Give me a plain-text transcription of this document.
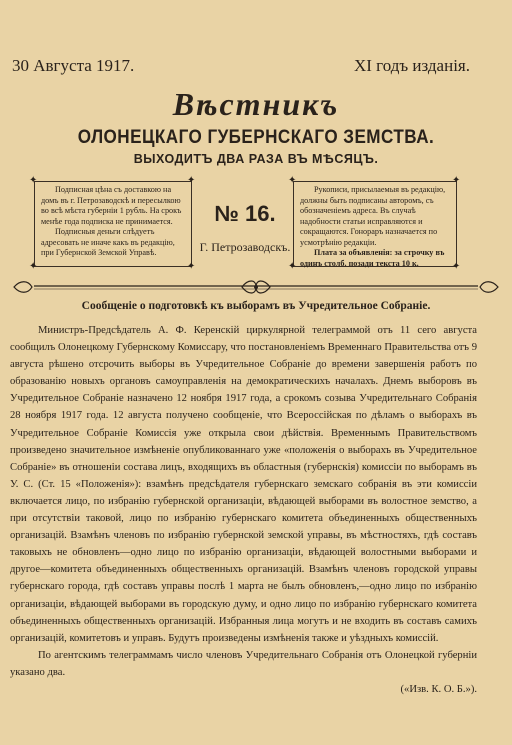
30 Августа 1917.	XI годъ изданія.
Вѣстникъ
ОЛОНЕЦКАГО ГУБЕРНСКАГО ЗЕМСТВА.
ВЫХОДИТЪ ДВА РАЗА ВЪ МѢСЯЦЪ.

Подписная цѣна съ доставкою на домъ въ г. Петрозаводскѣ и пересылкою во всѣ мѣста губерніи 1 рубль. На срокъ менѣе года подписка не принимается.

Подписныя деньги слѣдуетъ адресовать не иначе какъ въ редакцію, при Губернской Земской Управѣ.

✦	✦
✦	✦
№ 16.
Г. Петрозаводскъ.

Рукописи, присылаемыя въ редакцію, должны быть подписаны авторомъ, съ обозначеніемъ адреса. Въ случаѣ надобности статьи исправляются и сокращаются. Гонораръ назначается по усмотрѣнію редакціи.

Плата за объявленія: за строчку въ одинъ столб. позади текста 10 к.

✦	✦
✦	✦
Сообщеніе о подготовкѣ къ выборамъ въ Учредительное Собраніе.

Министръ-Предсѣдатель А. Ф. Керенскій циркулярной телеграммой отъ 11 сего августа сообщилъ Олонецкому Губернскому Комиссару, что постановленіемъ Временнаго Правительства отъ 9 августа рѣшено отсрочить выборы въ Учредительное Собраніе до времени завершенія работъ по образованію новыхъ органовъ самоуправленія на демократическихъ началахъ. Днемъ выборовъ въ Учредительное Собраніе назначено 12 ноября 1917 года, а срокомъ созыва Учредительнаго Собранія 28 ноября 1917 года. 12 августа получено сообщеніе, что Всероссійская по дѣламъ о выборахъ въ Учредительное Собраніе Комиссія уже открыла свои дѣйствія. Временнымъ Правительствомъ произведено значительное измѣненіе опубликованнаго уже «положенія о выборахъ въ Учредительное Собраніе» въ отношеніи состава лицъ, входящихъ въ областныя (губернскія) комиссіи по выборамъ въ У. С. (Ст. 15 «Положенія»): взамѣнъ предсѣдателя губернскаго земскаго собранія въ эти комиссіи включается лицо, по избранію губернской организаціи, вѣдающей выборами въ волостное земство, а при отсутствіи таковой, лицо по избранію губернскаго комитета объединенныхъ общественныхъ организацій. Взамѣнъ членовъ по избранію губернской земской управы, въ мѣстностяхъ, гдѣ составъ таковыхъ не обновленъ—одно лицо по избранію организаціи, вѣдающей волостными выборами и другое—комитета объединенныхъ общественныхъ организацій. Взамѣнъ членовъ городской управы губернскаго города, гдѣ составъ управы послѣ 1 марта не былъ обновленъ,—одно лицо по избранію организаціи, вѣдающей выборами въ городскую думу, и одно лицо по избранію губернскаго комитета объединенныхъ общественныхъ организацій. Избранныя лица могутъ и не входить въ составъ самихъ организацій, комитетовъ и управъ. Будутъ произведены измѣненія также и уѣздныхъ комиссій.

По агентскимъ телеграммамъ число членовъ Учредительнаго Собранія отъ Олонецкой губерніи указано два.
(«Изв. К. О. Б.»).
